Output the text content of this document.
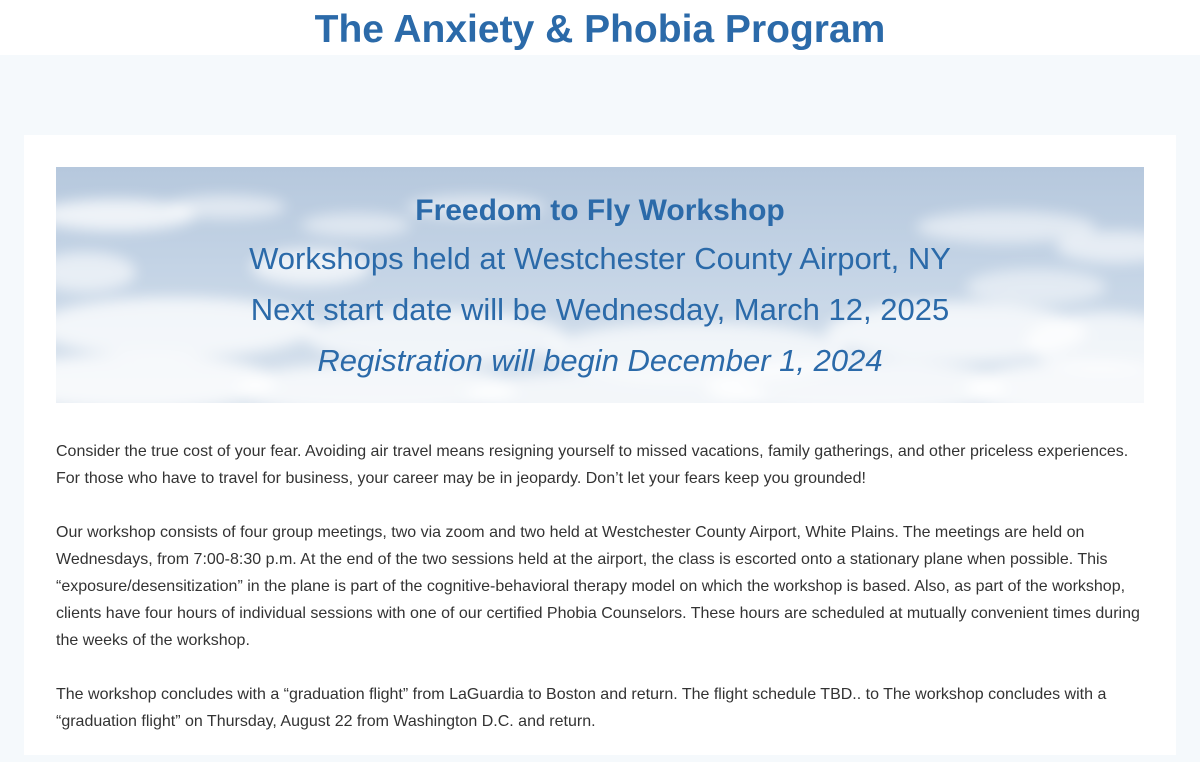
The Anxiety & Phobia Program
Freedom to Fly Workshop

Workshops held at Westchester County Airport, NY

Next start date will be Wednesday, March 12, 2025

Registration will begin December 1, 2024

Consider the true cost of your fear. Avoiding air travel means resigning yourself to missed vacations, family gatherings, and other priceless experiences. For those who have to travel for business, your career may be in jeopardy. Don’t let your fears keep you grounded!

Our workshop consists of four group meetings, two via zoom and two held at Westchester County Airport, White Plains. The meetings are held on Wednesdays, from 7:00-8:30 p.m. At the end of the two sessions held at the airport, the class is escorted onto a stationary plane when possible. This “exposure/desensitization” in the plane is part of the cognitive-behavioral therapy model on which the workshop is based. Also, as part of the workshop, clients have four hours of individual sessions with one of our certified Phobia Counselors. These hours are scheduled at mutually convenient times during the weeks of the workshop.

The workshop concludes with a “graduation flight” from LaGuardia to Boston and return. The flight schedule TBD.. to The workshop concludes with a “graduation flight” on Thursday, August 22 from Washington D.C. and return.
